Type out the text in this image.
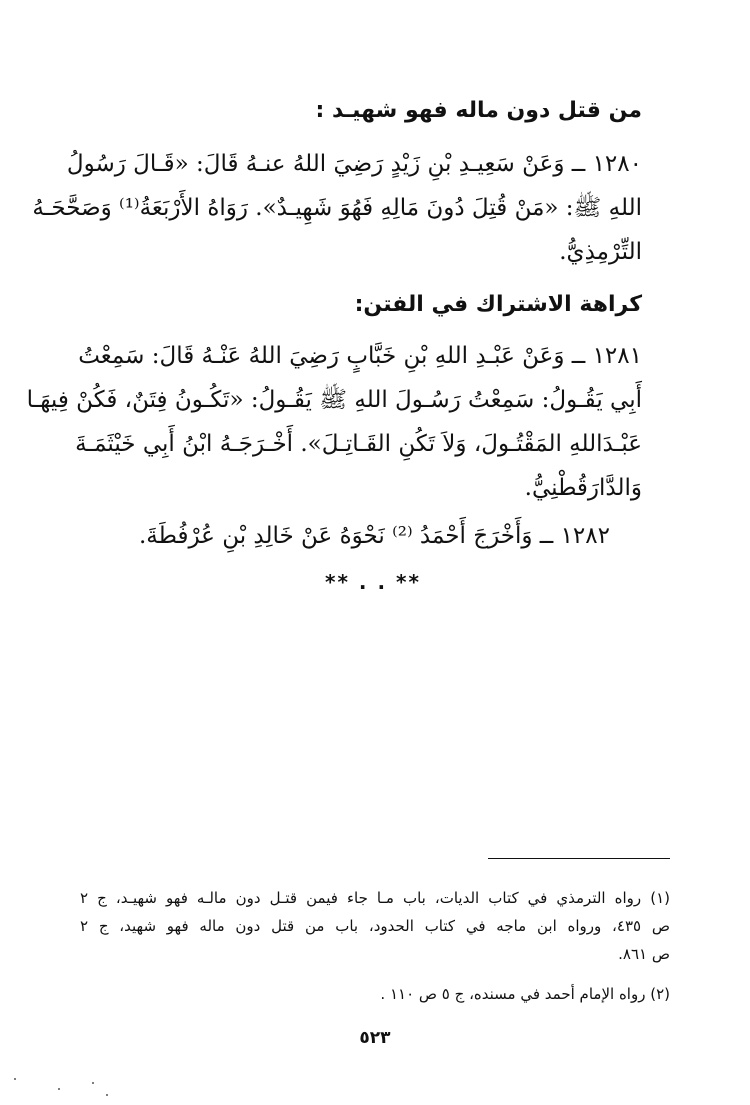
من قتل دون ماله فهو شهيـد :
١٢٨٠ ــ وَعَنْ سَعِيـدِ بْنِ زَيْدٍ رَضِيَ اللهُ عنـهُ قَالَ: «قَـالَ رَسُولُ
اللهِ ﷺ: «مَنْ قُتِلَ دُونَ مَالِهِ فَهُوَ شَهِيـدٌ». رَوَاهُ الأَرْبَعَةُ⁽¹⁾ وَصَحَّحَـهُ
التِّرْمِذِيُّ.
كراهة الاشتراك في الفتن:
١٢٨١ ــ وَعَنْ عَبْـدِ اللهِ بْنِ خَبَّابٍ رَضِيَ اللهُ عَنْـهُ قَالَ: سَمِعْتُ
أَبِي يَقُـولُ: سَمِعْتُ رَسُـولَ اللهِ ﷺ يَقُـولُ: «تَكُـونُ فِتَنٌ، فَكُنْ فِيهَـا
عَبْـدَاللهِ المَقْتُـولَ، وَلاَ تَكُنِ القَـاتِـلَ». أَخْـرَجَـهُ ابْنُ أَبِي خَيْثَمَـةَ
وَالدَّارَقُطْنِيُّ.
١٢٨٢ ــ وَأَخْرَجَ أَحْمَدُ ⁽²⁾ نَحْوَهُ عَنْ خَالِدِ بْنِ عُرْفُطَةَ.
** . . **
(١) رواه الترمذي في كتاب الديات، باب مـا جاء فيمن قتـل دون مالـه فهو شهيـد، ج ٢
ص ٤٣٥، ورواه ابن ماجه في كتاب الحدود، باب من قتل دون ماله فهو شهيد، ج ٢
ص ٨٦١.
(٢) رواه الإمام أحمد في مسنده، ج ٥ ص ١١٠ .
٥٢٣
